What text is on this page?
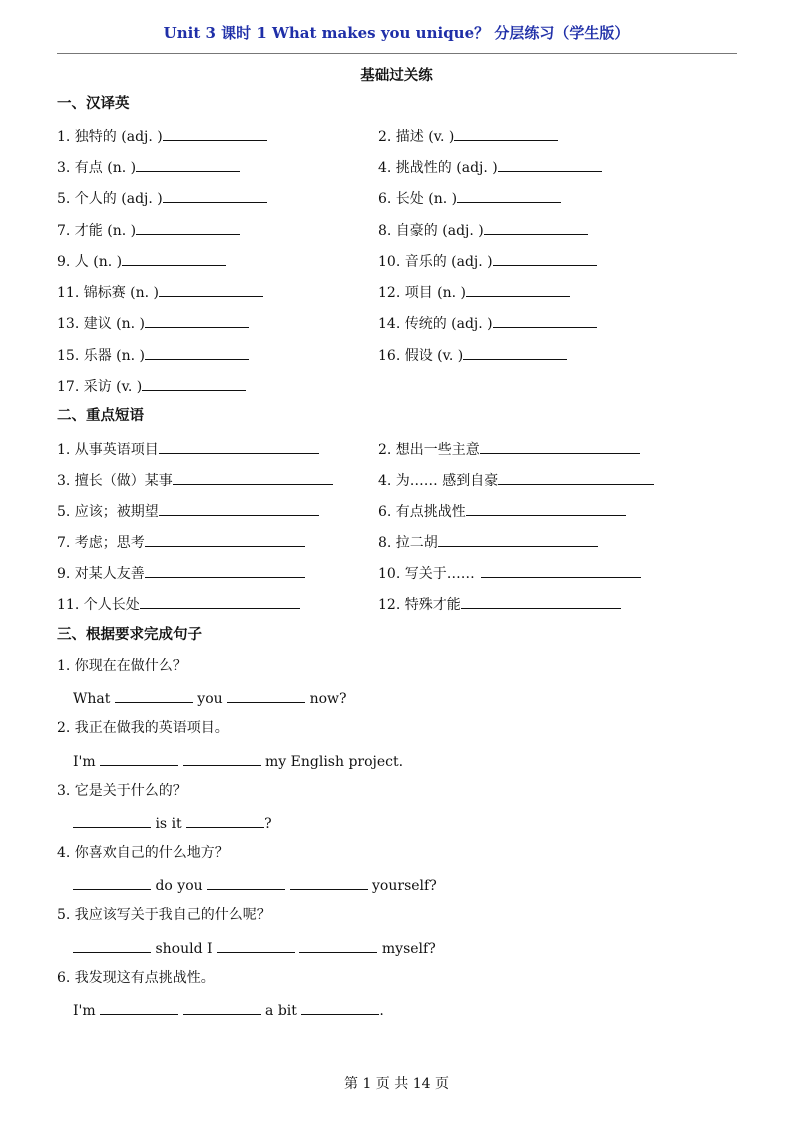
Unit 3 课时 1 What makes you unique？ 分层练习（学生版）
基础过关练
一、汉译英
1. 独特的 (adj. )	2. 描述 (v. )
3. 有点 (n. )	4. 挑战性的 (adj. )
5. 个人的 (adj. )	6. 长处 (n. )
7. 才能 (n. )	8. 自豪的 (adj. )
9. 人 (n. )	10. 音乐的 (adj. )
11. 锦标赛 (n. )	12. 项目 (n. )
13. 建议 (n. )	14. 传统的 (adj. )
15. 乐器 (n. )	16. 假设 (v. )
17. 采访 (v. )
二、重点短语
1. 从事英语项目	2. 想出一些主意
3. 擅长（做）某事	4. 为…… 感到自豪
5. 应该；被期望	6. 有点挑战性
7. 考虑；思考	8. 拉二胡
9. 对某人友善	10. 写关于……
11. 个人长处	12. 特殊才能
三、根据要求完成句子
1. 你现在在做什么？
What	you	now?
2. 我正在做我的英语项目。
I'm	my English project.
3. 它是关于什么的？
is it	?
4. 你喜欢自己的什么地方？
do you	yourself?
5. 我应该写关于我自己的什么呢？
should I	myself?
6. 我发现这有点挑战性。
I'm	a bit	.
第 1 页 共 14 页
